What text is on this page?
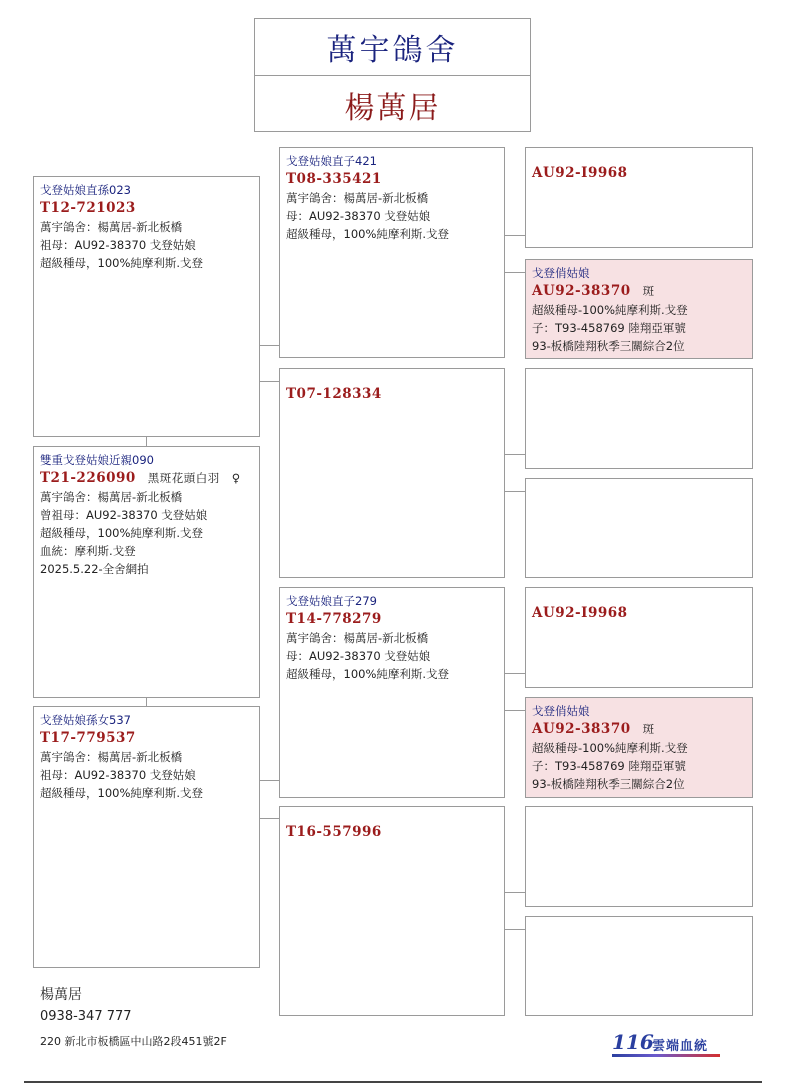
萬宇鴿舍
楊萬居
戈登姑娘直孫023
T12-721023
萬宇鴿舍：楊萬居-新北板橋
祖母：AU92-38370 戈登姑娘
超級種母，100%純摩利斯.戈登
雙重戈登姑娘近親090
T21-226090 黑斑花頭白羽　♀
萬宇鴿舍：楊萬居-新北板橋
曾祖母：AU92-38370 戈登姑娘
超級種母，100%純摩利斯.戈登
血統：摩利斯.戈登
2025.5.22-全舍網拍
戈登姑娘孫女537
T17-779537
萬宇鴿舍：楊萬居-新北板橋
祖母：AU92-38370 戈登姑娘
超級種母，100%純摩利斯.戈登
戈登姑娘直子421
T08-335421
萬宇鴿舍：楊萬居-新北板橋
母：AU92-38370 戈登姑娘
超級種母，100%純摩利斯.戈登
T07-128334
戈登姑娘直子279
T14-778279
萬宇鴿舍：楊萬居-新北板橋
母：AU92-38370 戈登姑娘
超級種母，100%純摩利斯.戈登
T16-557996
AU92-I9968
戈登俏姑娘
AU92-38370 斑
超級種母-100%純摩利斯.戈登
子：T93-458769 陸翔亞軍號
93-板橋陸翔秋季三關綜合2位
AU92-I9968
戈登俏姑娘
AU92-38370 斑
超級種母-100%純摩利斯.戈登
子：T93-458769 陸翔亞軍號
93-板橋陸翔秋季三關綜合2位
楊萬居
0938-347 777
220 新北市板橋區中山路2段451號2F	116
雲端血統
